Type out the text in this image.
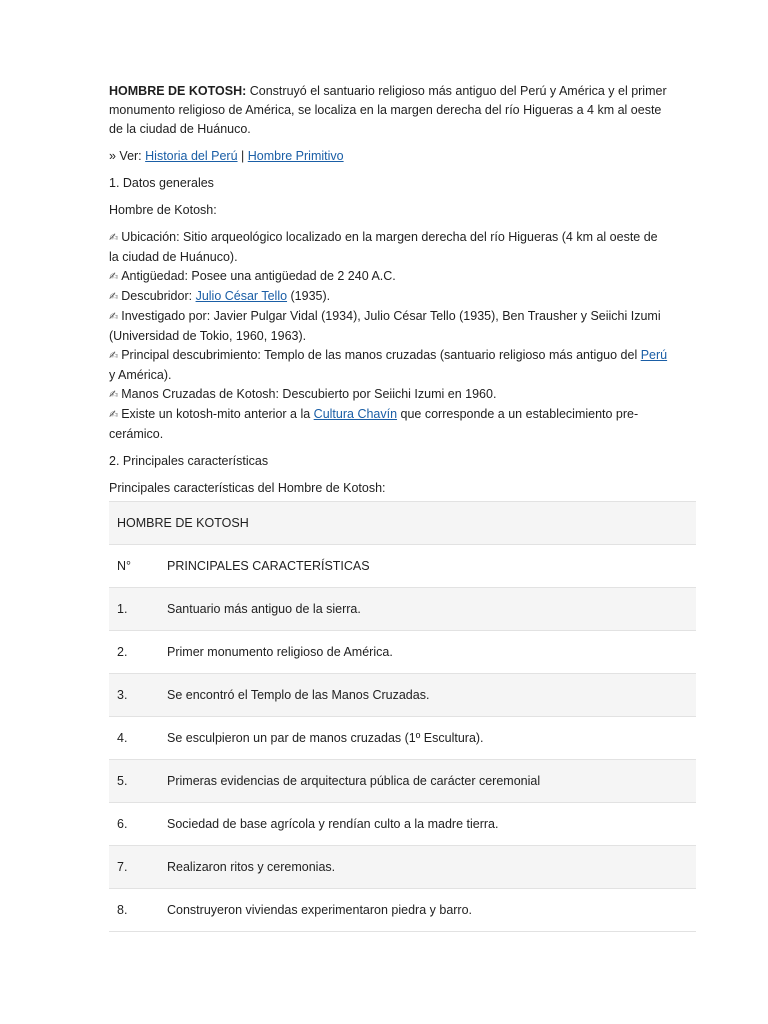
HOMBRE DE KOTOSH: Construyó el santuario religioso más antiguo del Perú y América y el primer monumento religioso de América, se localiza en la margen derecha del río Higueras a 4 km al oeste de la ciudad de Huánuco.

» Ver: Historia del Perú | Hombre Primitivo

1. Datos generales

Hombre de Kotosh:

✍ Ubicación: Sitio arqueológico localizado en la margen derecha del río Higueras (4 km al oeste de la ciudad de Huánuco).

✍ Antigüedad: Posee una antigüedad de 2 240 A.C.

✍ Descubridor: Julio César Tello (1935).

✍ Investigado por: Javier Pulgar Vidal (1934), Julio César Tello (1935), Ben Trausher y Seiichi Izumi (Universidad de Tokio, 1960, 1963).

✍ Principal descubrimiento: Templo de las manos cruzadas (santuario religioso más antiguo del Perú y América).

✍ Manos Cruzadas de Kotosh: Descubierto por Seiichi Izumi en 1960.

✍ Existe un kotosh-mito anterior a la Cultura Chavín que corresponde a un establecimiento pre-cerámico.

2. Principales características

Principales características del Hombre de Kotosh:

HOMBRE DE KOTOSH	
N°	PRINCIPALES CARACTERÍSTICAS
1.	Santuario más antiguo de la sierra.
2.	Primer monumento religioso de América.
3.	Se encontró el Templo de las Manos Cruzadas.
4.	Se esculpieron un par de manos cruzadas (1º Escultura).
5.	Primeras evidencias de arquitectura pública de carácter ceremonial
6.	Sociedad de base agrícola y rendían culto a la madre tierra.
7.	Realizaron ritos y ceremonias.
8.	Construyeron viviendas experimentaron piedra y barro.
